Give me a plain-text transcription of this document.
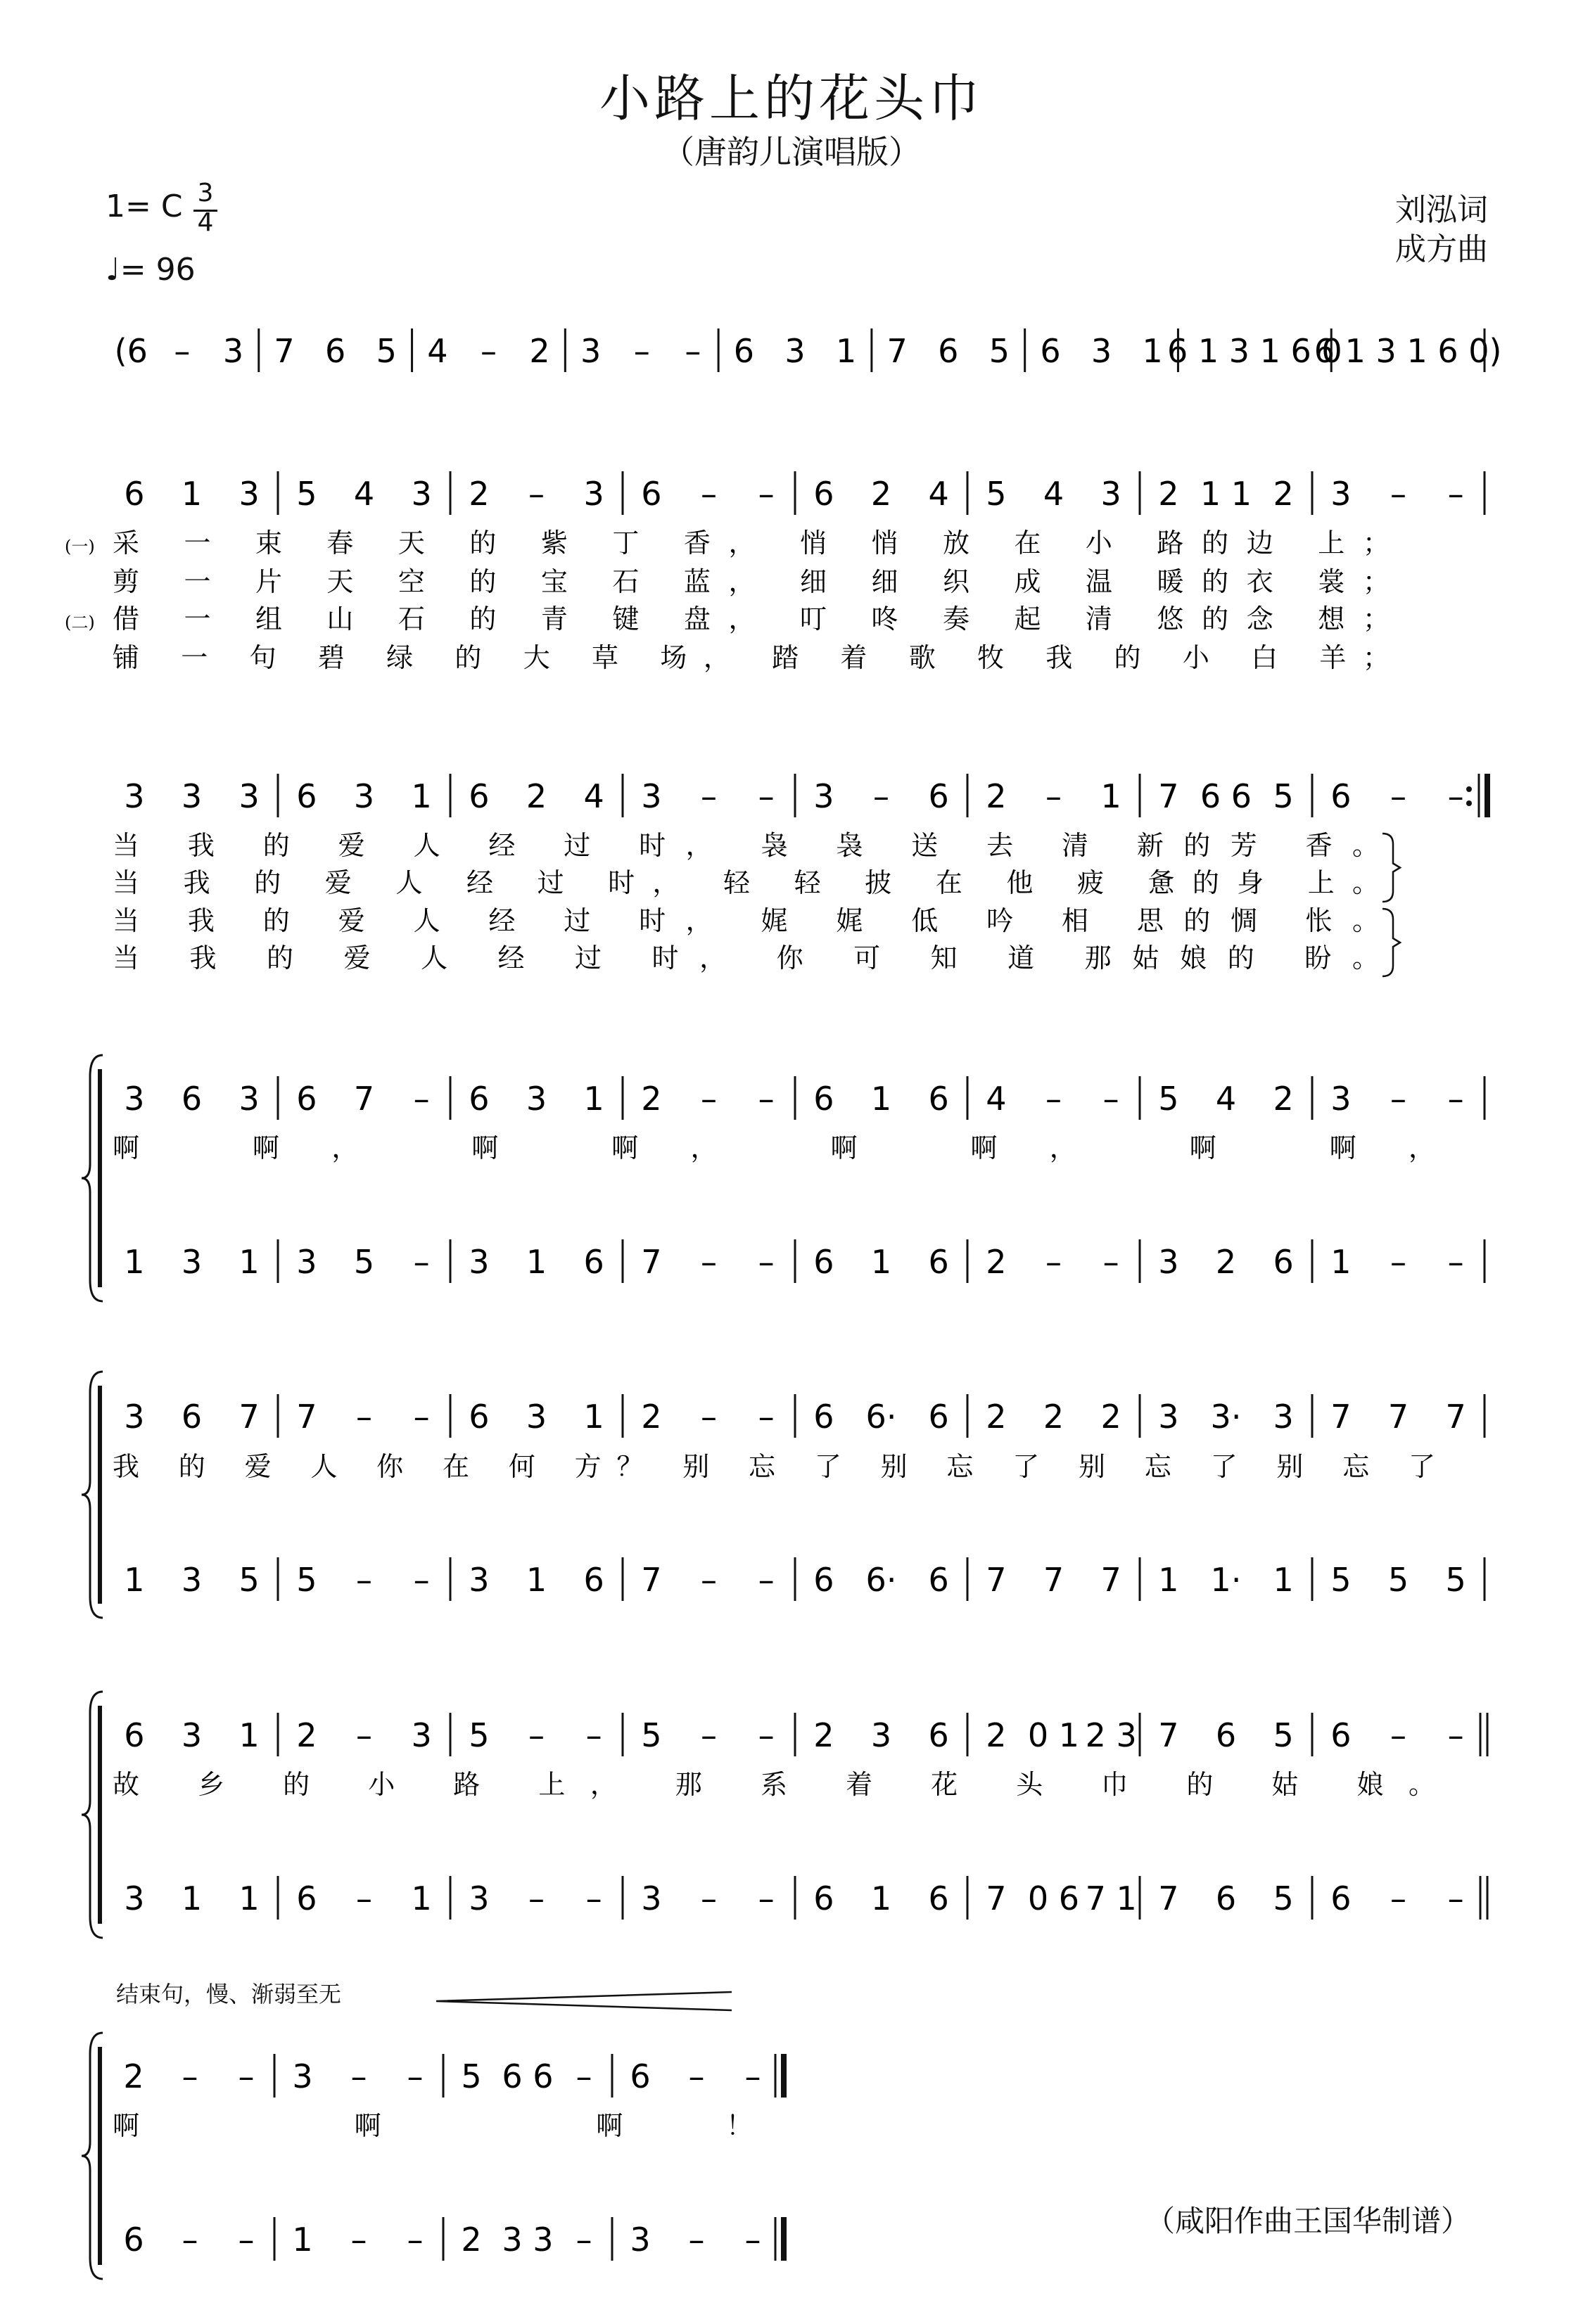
小路上的花头巾
（唐韵儿演唱版）
1= C 3
4
♩= 96
刘泓词
成方曲
(6 – 3 7 6 5 4 – 2 3 – – 6 3 1 7 6 5 6 3 1 6 1 3 1 6 0
6 1 3 1 6 0)
6 1 3 5 4 3 2 – 3 6 – – 6 2 4 5 4 3 2 1 1 2 3 – –
采 一 束 春 天 的 紫 丁 香， 悄 悄 放 在 小 路的边 上；
剪 一 片 天 空 的 宝 石 蓝， 细 细 织 成 温 暖的衣 裳；
借 一 组 山 石 的 青 键 盘， 叮 咚 奏 起 清 悠的念 想；
铺 一 句 碧 绿 的 大 草 场， 踏 着 歌 牧 我 的 小 白 羊；
(一)
(二)
3 3 3 6 3 1 6 2 4 3 – – 3 – 6 2 – 1 7 6 6 5 6 – –
当 我 的 爱 人 经 过 时， 袅 袅 送 去 清 新的芳 香。
当 我 的 爱 人 经 过 时， 轻 轻 披 在 他 疲 惫的身 上。
当 我 的 爱 人 经 过 时， 娓 娓 低 吟 相 思的惆 怅。
当 我 的 爱 人 经 过 时， 你 可 知 道 那姑娘的 盼。
3 6 3 6 7 – 6 3 1 2 – – 6 1 6 4 – – 5 4 2 3 – –
啊 啊， 啊 啊， 啊 啊， 啊 啊，
1 3 1 3 5 – 3 1 6 7 – – 6 1 6 2 – – 3 2 6 1 – –
3 6 7 7 – – 6 3 1 2 – – 6 6· 6 2 2 2 3 3· 3 7 7 7
我 的 爱 人 你 在 何 方？ 别 忘 了 别 忘 了 别 忘 了 别 忘 了
1 3 5 5 – – 3 1 6 7 – – 6 6· 6 7 7 7 1 1· 1 5 5 5
6 3 1 2 – 3 5 – – 5 – – 2 3 6 2 0 1 2 3 7 6 5 6 – –
故 乡 的 小 路 上， 那 系 着 花 头 巾 的 姑 娘。
3 1 1 6 – 1 3 – – 3 – – 6 1 6 7 0 6 7 1 7 6 5 6 – –
2 – – 3 – – 5 6 6 – 6 – –
啊 啊 啊！
6 – – 1 – – 2 3 3 – 3 – –
结束句，慢、渐弱至无
（咸阳作曲王国华制谱）
